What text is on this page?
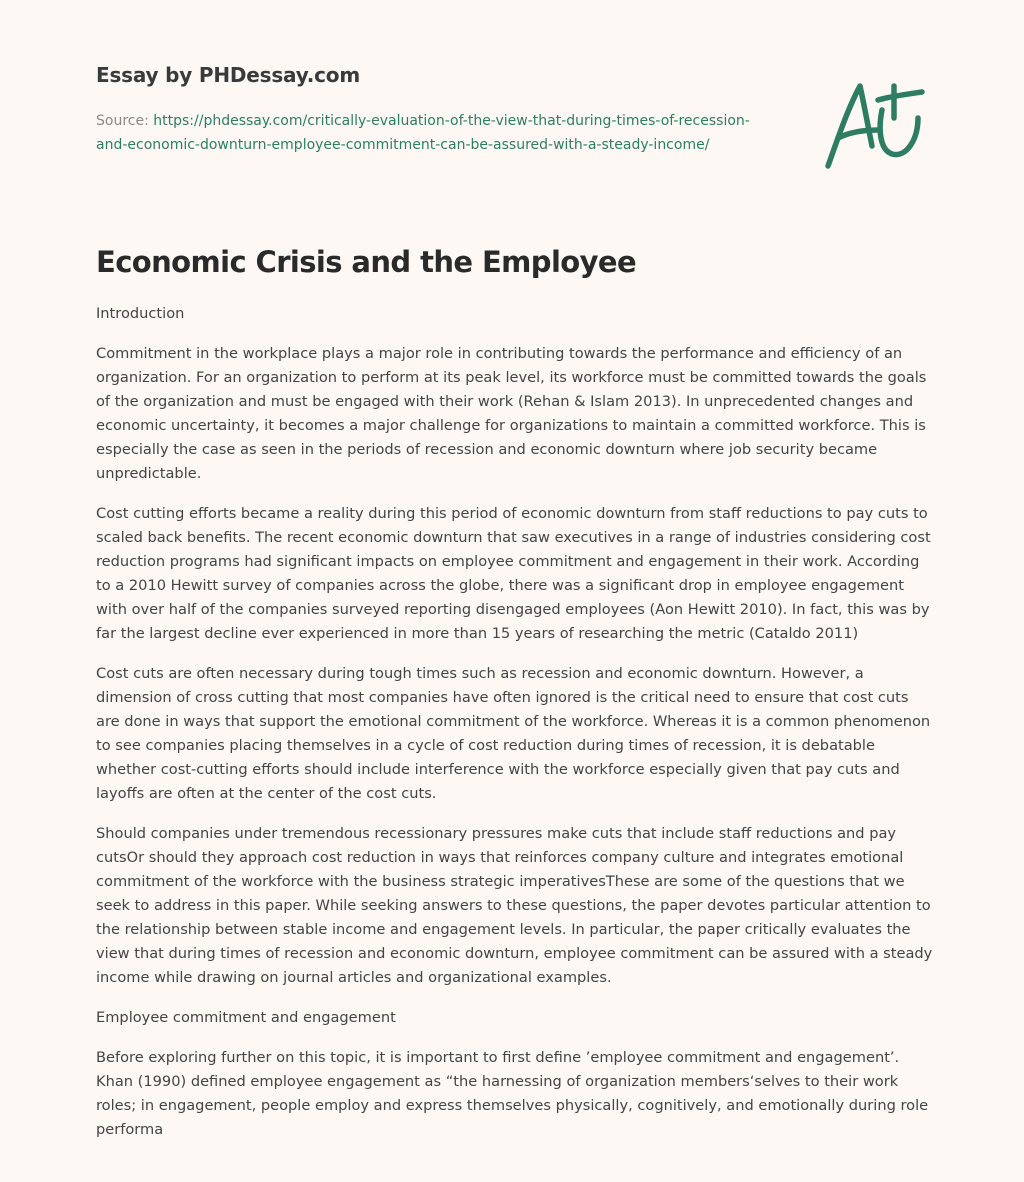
Essay by PHDessay.com
Source: https://phdessay.com/critically-evaluation-of-the-view-that-during-times-of-recession-and-economic-downturn-employee-commitment-can-be-assured-with-a-steady-income/
Economic Crisis and the Employee

Introduction

Commitment in the workplace plays a major role in contributing towards the performance and efficiency of an organization. For an organization to perform at its peak level, its workforce must be committed towards the goals of the organization and must be engaged with their work (Rehan & Islam 2013). In unprecedented changes and economic uncertainty, it becomes a major challenge for organizations to maintain a committed workforce. This is especially the case as seen in the periods of recession and economic downturn where job security became unpredictable.

Cost cutting efforts became a reality during this period of economic downturn from staff reductions to pay cuts to scaled back benefits. The recent economic downturn that saw executives in a range of industries considering cost reduction programs had significant impacts on employee commitment and engagement in their work. According to a 2010 Hewitt survey of companies across the globe, there was a significant drop in employee engagement with over half of the companies surveyed reporting disengaged employees (Aon Hewitt 2010). In fact, this was by far the largest decline ever experienced in more than 15 years of researching the metric (Cataldo 2011)

Cost cuts are often necessary during tough times such as recession and economic downturn. However, a dimension of cross cutting that most companies have often ignored is the critical need to ensure that cost cuts are done in ways that support the emotional commitment of the workforce. Whereas it is a common phenomenon to see companies placing themselves in a cycle of cost reduction during times of recession, it is debatable whether cost-cutting efforts should include interference with the workforce especially given that pay cuts and layoffs are often at the center of the cost cuts.

Should companies under tremendous recessionary pressures make cuts that include staff reductions and pay cutsOr should they approach cost reduction in ways that reinforces company culture and integrates emotional commitment of the workforce with the business strategic imperativesThese are some of the questions that we seek to address in this paper. While seeking answers to these questions, the paper devotes particular attention to the relationship between stable income and engagement levels. In particular, the paper critically evaluates the view that during times of recession and economic downturn, employee commitment can be assured with a steady income while drawing on journal articles and organizational examples.

Employee commitment and engagement

Before exploring further on this topic, it is important to first define ’employee commitment and engagement’. Khan (1990) defined employee engagement as “the harnessing of organization members‘selves to their work roles; in engagement, people employ and express themselves physically, cognitively, and emotionally during role performa
